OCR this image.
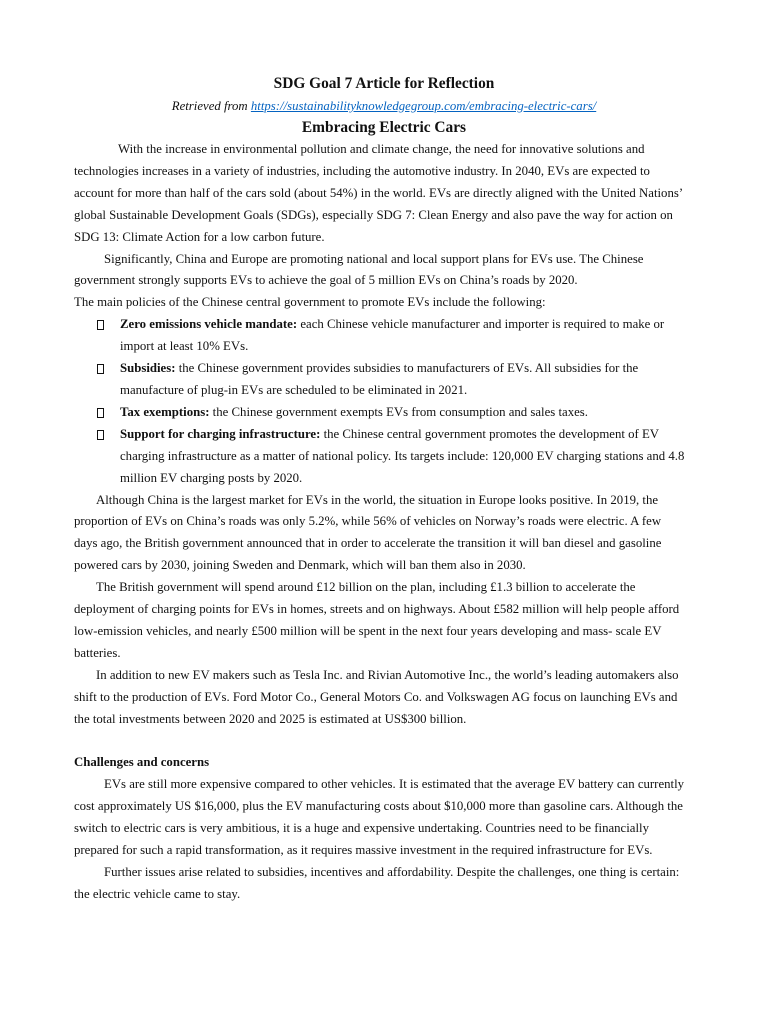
SDG Goal 7 Article for Reflection
Retrieved from https://sustainabilityknowledgegroup.com/embracing-electric-cars/
Embracing Electric Cars
With the increase in environmental pollution and climate change, the need for innovative solutions and
technologies increases in a variety of industries, including the automotive industry. In 2040, EVs are expected to
account for more than half of the cars sold (about 54%) in the world. EVs are directly aligned with the United Nations’
global Sustainable Development Goals (SDGs), especially SDG 7: Clean Energy and also pave the way for action on
SDG 13: Climate Action for a low carbon future.
Significantly, China and Europe are promoting national and local support plans for EVs use. The Chinese
government strongly supports EVs to achieve the goal of 5 million EVs on China’s roads by 2020.
The main policies of the Chinese central government to promote EVs include the following:
Zero emissions vehicle mandate: each Chinese vehicle manufacturer and importer is required to make or
import at least 10% EVs.
Subsidies: the Chinese government provides subsidies to manufacturers of EVs. All subsidies for the
manufacture of plug-in EVs are scheduled to be eliminated in 2021.
Tax exemptions: the Chinese government exempts EVs from consumption and sales taxes.
Support for charging infrastructure: the Chinese central government promotes the development of EV
charging infrastructure as a matter of national policy. Its targets include: 120,000 EV charging stations and 4.8
million EV charging posts by 2020.
Although China is the largest market for EVs in the world, the situation in Europe looks positive. In 2019, the
proportion of EVs on China’s roads was only 5.2%, while 56% of vehicles on Norway’s roads were electric. A few
days ago, the British government announced that in order to accelerate the transition it will ban diesel and gasoline
powered cars by 2030, joining Sweden and Denmark, which will ban them also in 2030.
The British government will spend around £12 billion on the plan, including £1.3 billion to accelerate the
deployment of charging points for EVs in homes, streets and on highways. About £582 million will help people afford
low-emission vehicles, and nearly £500 million will be spent in the next four years developing and mass- scale EV
batteries.
In addition to new EV makers such as Tesla Inc. and Rivian Automotive Inc., the world’s leading automakers also
shift to the production of EVs. Ford Motor Co., General Motors Co. and Volkswagen AG focus on launching EVs and
the total investments between 2020 and 2025 is estimated at US$300 billion.
Challenges and concerns
EVs are still more expensive compared to other vehicles. It is estimated that the average EV battery can currently
cost approximately US $16,000, plus the EV manufacturing costs about $10,000 more than gasoline cars. Although the
switch to electric cars is very ambitious, it is a huge and expensive undertaking. Countries need to be financially
prepared for such a rapid transformation, as it requires massive investment in the required infrastructure for EVs.
Further issues arise related to subsidies, incentives and affordability. Despite the challenges, one thing is certain:
the electric vehicle came to stay.
